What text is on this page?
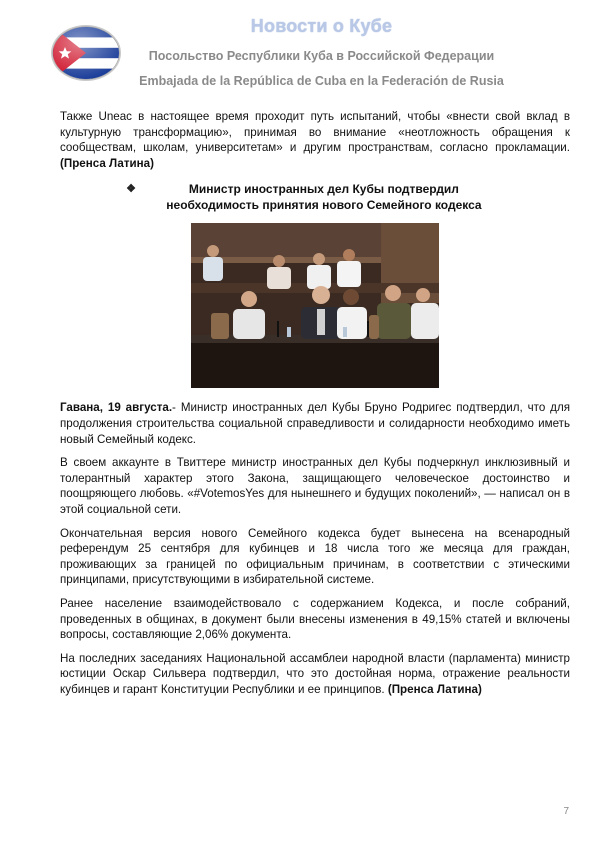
Новости о Кубе
Посольство Республики Куба в Российской Федерации
Embajada de la República de Cuba en la Federación de Rusia

Также Uneac в настоящее время проходит путь испытаний, чтобы «внести свой вклад в культурную трансформацию», принимая во внимание «неотложность обращения к сообществам, школам, университетам» и другим пространствам, согласно прокламации. (Пренса Латина)

❖	Министр иностранных дел Кубы подтвердил необходимость принятия нового Семейного кодекса

Гавана, 19 августа.- Министр иностранных дел Кубы Бруно Родригес подтвердил, что для продолжения строительства социальной справедливости и солидарности необходимо иметь новый Семейный кодекс.

В своем аккаунте в Твиттере министр иностранных дел Кубы подчеркнул инклюзивный и толерантный характер этого Закона, защищающего человеческое достоинство и поощряющего любовь. «#VotemosYes для нынешнего и будущих поколений», — написал он в этой социальной сети.

Окончательная версия нового Семейного кодекса будет вынесена на всенародный референдум 25 сентября для кубинцев и 18 числа того же месяца для граждан, проживающих за границей по официальным причинам, в соответствии с этическими принципами, присутствующими в избирательной системе.

Ранее население взаимодействовало с содержанием Кодекса, и после собраний, проведенных в общинах, в документ были внесены изменения в 49,15% статей и включены вопросы, составляющие 2,06% документа.

На последних заседаниях Национальной ассамблеи народной власти (парламента) министр юстиции Оскар Сильвера подтвердил, что это достойная норма, отражение реальности кубинцев и гарант Конституции Республики и ее принципов. (Пренса Латина)

7
